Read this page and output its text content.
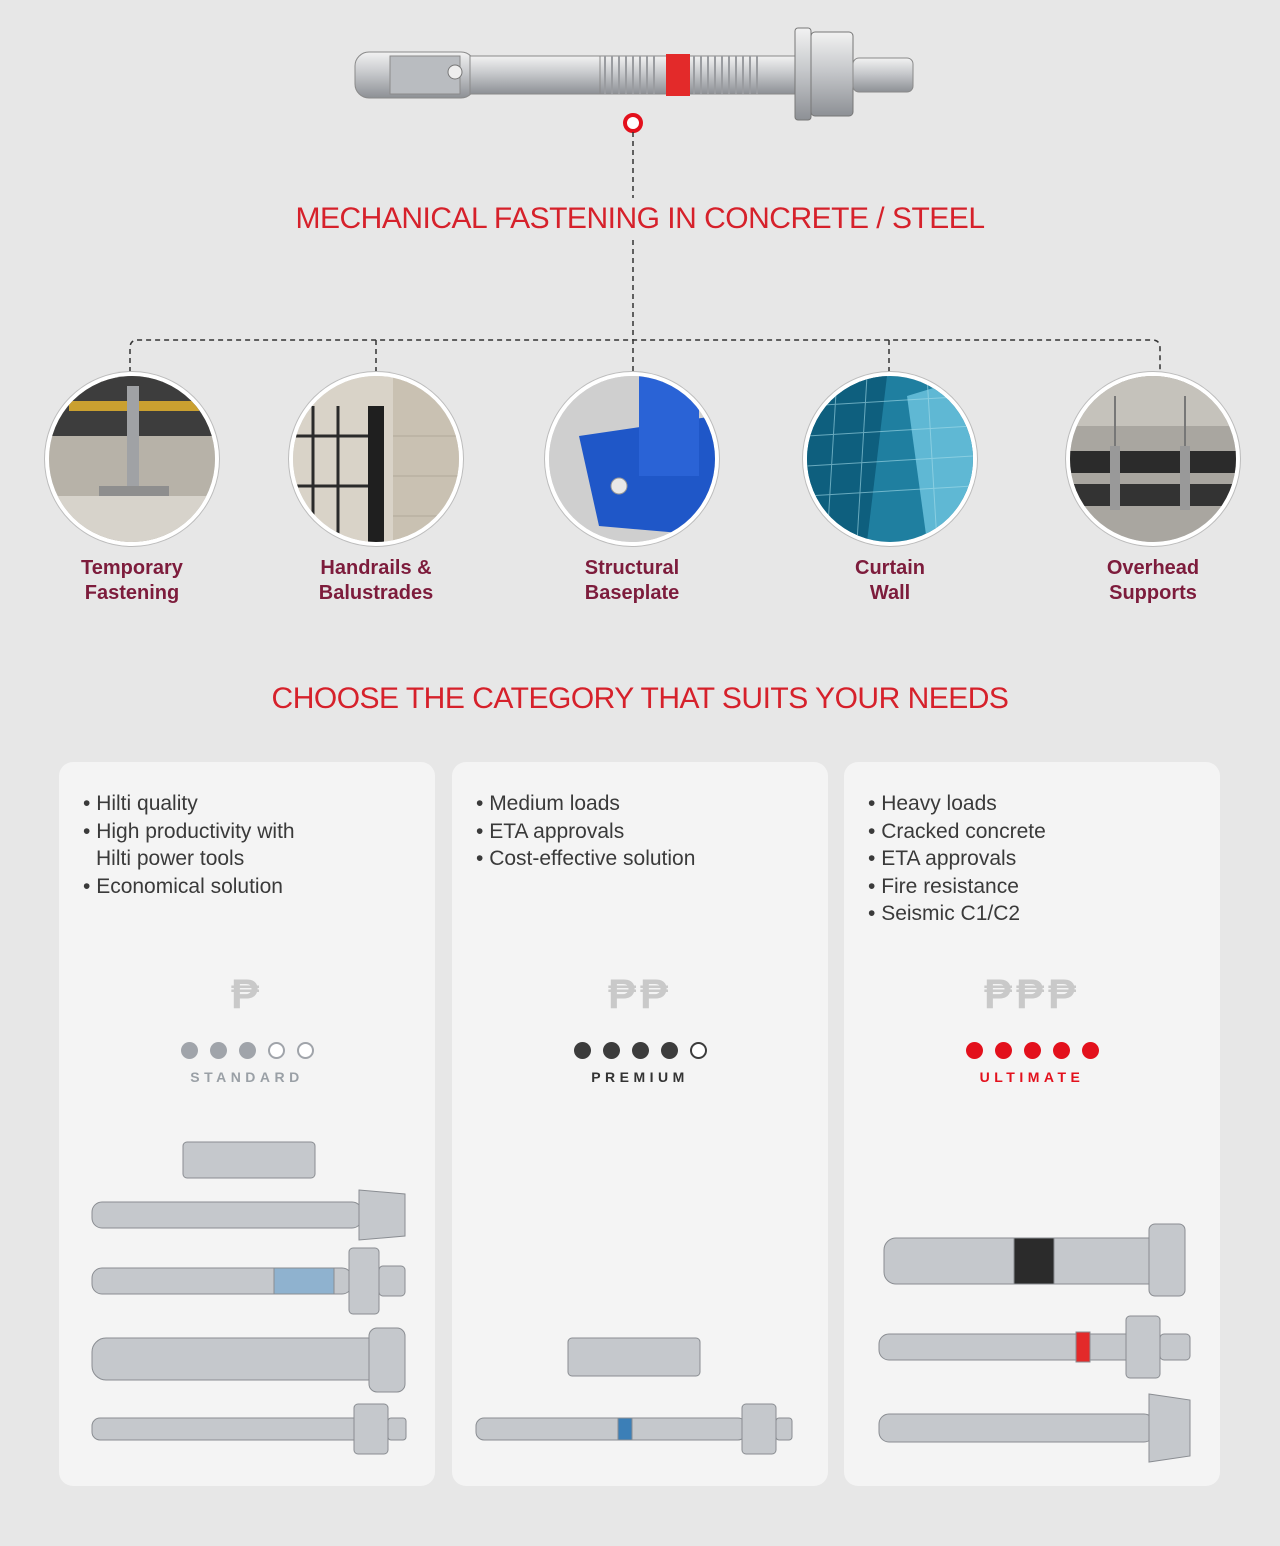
MECHANICAL FASTENING IN CONCRETE / STEEL
Temporary
Fastening
Handrails &
Balustrades
Structural
Baseplate
Curtain
Wall
Overhead
Supports
CHOOSE THE CATEGORY THAT SUITS YOUR NEEDS
• Hilti quality
• High productivity with Hilti power tools
• Economical solution
• Medium loads
• ETA approvals
• Cost-effective solution
• Heavy loads
• Cracked concrete
• ETA approvals
• Fire resistance
• Seismic C1/C2
₱
STANDARD
₱₱
PREMIUM
₱₱₱
ULTIMATE
